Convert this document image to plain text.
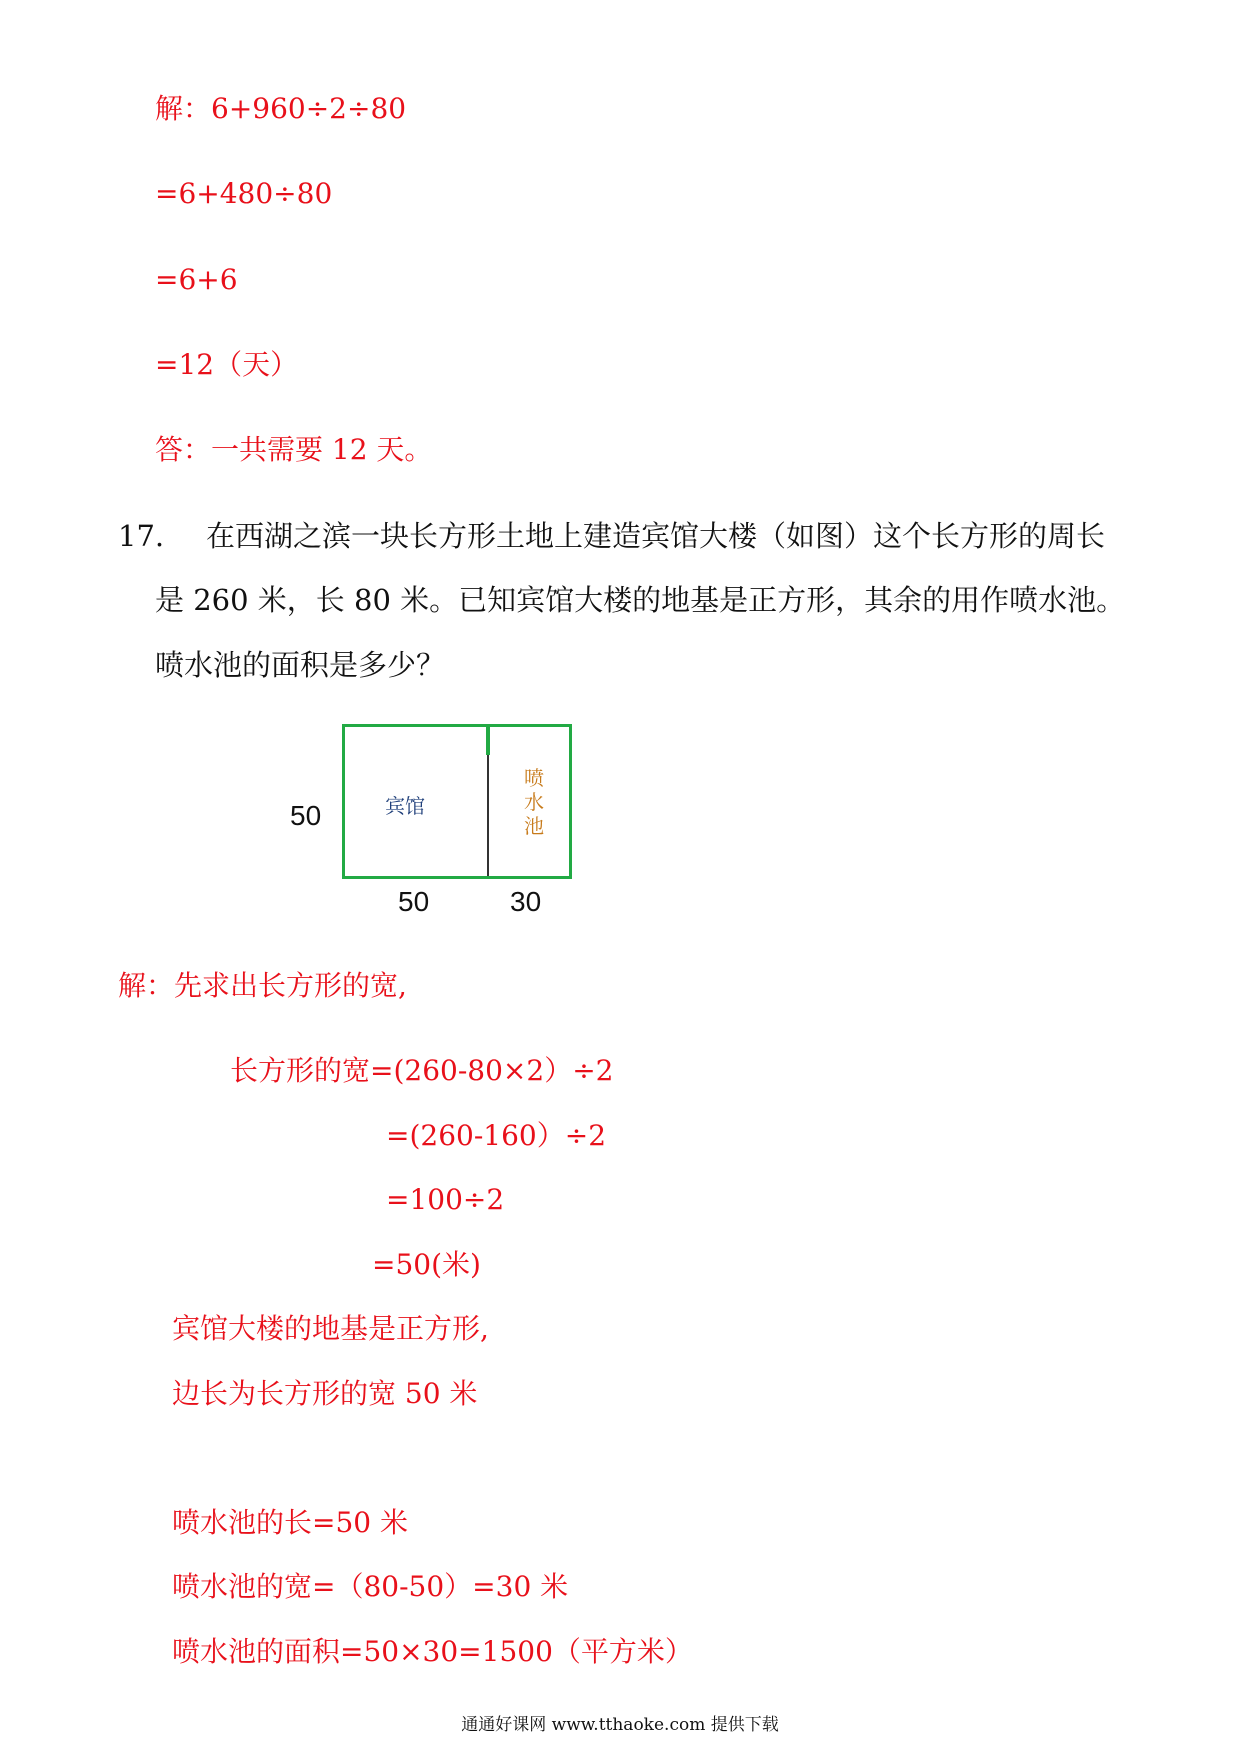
解：6+960÷2÷80
=6+480÷80
=6+6
=12（天）
答：一共需要 12 天。
17. 在西湖之滨一块长方形土地上建造宾馆大楼（如图）这个长方形的周长
是 260 米，长 80 米。已知宾馆大楼的地基是正方形，其余的用作喷水池。
喷水池的面积是多少？
宾馆
喷
水
池
50
50	30
解：先求出长方形的宽,
长方形的宽=(260-80×2）÷2
=(260-160）÷2
=100÷2
=50(米)
宾馆大楼的地基是正方形,
边长为长方形的宽 50 米
喷水池的长=50 米
喷水池的宽=（80-50）=30 米
喷水池的面积=50×30=1500（平方米）
通通好课网 www.tthaoke.com 提供下载
